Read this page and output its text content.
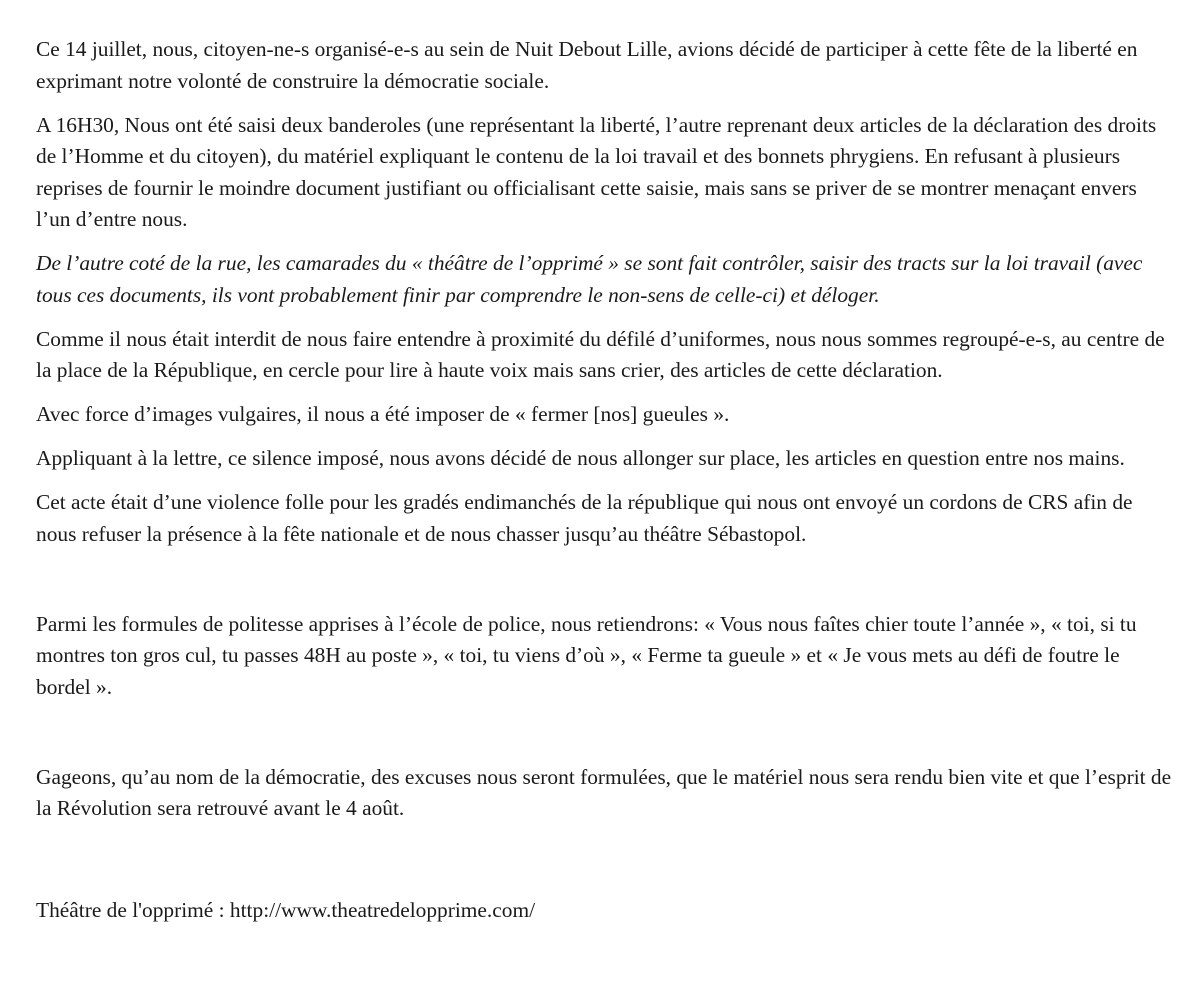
Ce 14 juillet, nous, citoyen-ne-s organisé-e-s au sein de Nuit Debout Lille, avions décidé de participer à cette fête de la liberté en exprimant notre volonté de construire la démocratie sociale.

A 16H30, Nous ont été saisi deux banderoles (une représentant la liberté, l’autre reprenant deux articles de la déclaration des droits de l’Homme et du citoyen), du matériel expliquant le contenu de la loi travail et des bonnets phrygiens. En refusant à plusieurs reprises de fournir le moindre document justifiant ou officialisant cette saisie, mais sans se priver de se montrer menaçant envers l’un d’entre nous.

De l’autre coté de la rue, les camarades du « théâtre de l’opprimé » se sont fait contrôler, saisir des tracts sur la loi travail (avec tous ces documents, ils vont probablement finir par comprendre le non-sens de celle-ci) et déloger.

Comme il nous était interdit de nous faire entendre à proximité du défilé d’uniformes, nous nous sommes regroupé-e-s, au centre de la place de la République, en cercle pour lire à haute voix mais sans crier, des articles de cette déclaration.

Avec force d’images vulgaires, il nous a été imposer de « fermer [nos] gueules ».

Appliquant à la lettre, ce silence imposé, nous avons décidé de nous allonger sur place, les articles en question entre nos mains.

Cet acte était d’une violence folle pour les gradés endimanchés de la république qui nous ont envoyé un cordons de CRS afin de nous refuser la présence à la fête nationale et de nous chasser jusqu’au théâtre Sébastopol.

Parmi les formules de politesse apprises à l’école de police, nous retiendrons: « Vous nous faîtes chier toute l’année », « toi, si tu montres ton gros cul, tu passes 48H au poste », « toi, tu viens d’où », « Ferme ta gueule » et « Je vous mets au défi de foutre le bordel ».

Gageons, qu’au nom de la démocratie, des excuses nous seront formulées, que le matériel nous sera rendu bien vite et que l’esprit de la Révolution sera retrouvé avant le 4 août.

Théâtre de l'opprimé : http://www.theatredelopprime.com/
